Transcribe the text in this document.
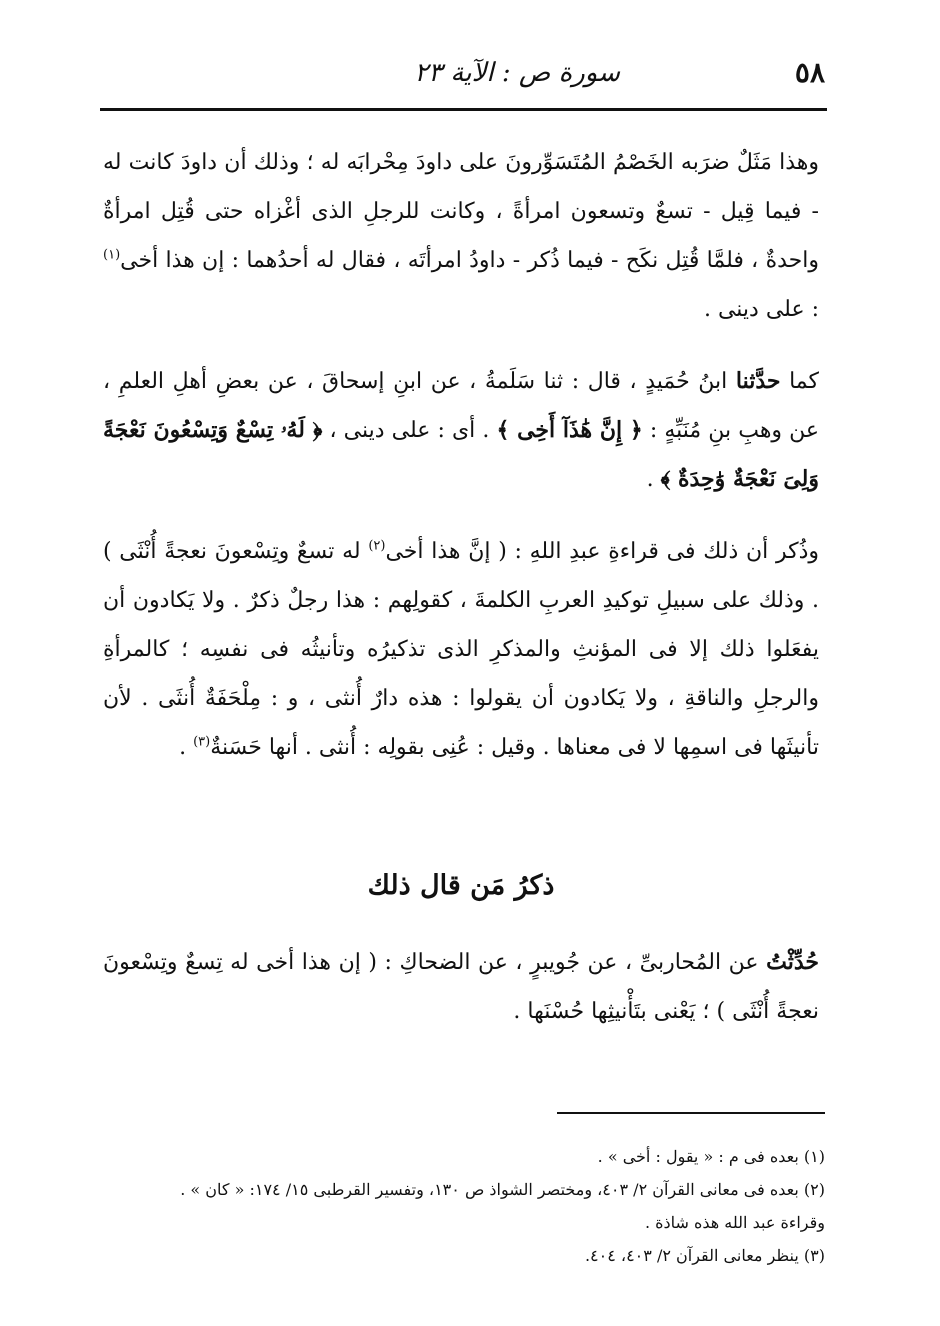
٥٨
سورة ص : الآية ٢٣

وهذا مَثَلٌ ضرَبه الخَصْمُ المُتَسَوِّرونَ على داودَ مِحْرابَه له ؛ وذلك أن داودَ كانت له - فيما قِيل - تسعٌ وتسعون امرأةً ، وكانت للرجلِ الذى أغْزاه حتى قُتِل امرأةٌ واحدةٌ ، فلمَّا قُتِل نكَح - فيما ذُكر - داودُ امرأتَه ، فقال له أحدُهما : إن هذا أخى$^{(١)}$ : على دينى .

كما حدَّثنا ابنُ حُمَيدٍ ، قال : ثنا سَلَمةُ ، عن ابنِ إسحاقَ ، عن بعضِ أهلِ العلمِ ، عن وهبِ بنِ مُنَبِّهٍ : ﴿ إِنَّ هَٰذَآ أَخِى ﴾ . أى : على دينى ، ﴿ لَهُۥ تِسْعٌ وَتِسْعُونَ نَعْجَةً وَلِىَ نَعْجَةٌ وَٰحِدَةٌ ﴾ .

وذُكر أن ذلك فى قراءةِ عبدِ اللهِ : ( إنَّ هذا أخى$^{(٢)}$ له تسعٌ وتِسْعونَ نعجةً أُنْثَى ) . وذلك على سبيلِ توكيدِ العربِ الكلمةَ ، كقولِهم : هذا رجلٌ ذكرٌ . ولا يَكادون أن يفعَلوا ذلك إلا فى المؤنثِ والمذكرِ الذى تذكيرُه وتأنيثُه فى نفسِه ؛ كالمرأةِ والرجلِ والناقةِ ، ولا يَكادون أن يقولوا : هذه دارٌ أُنثى ، و : مِلْحَفَةٌ أُنثَى . لأن تأنيثَها فى اسمِها لا فى معناها . وقيل : عُنِى بقولِه : أُنثى . أنها حَسَنةٌ$^{(٣)}$ .

ذكرُ مَن قال ذلك

حُدِّثْتُ عن المُحاربىِّ ، عن جُويبرٍ ، عن الضحاكِ : ( إن هذا أخى له تِسعٌ وتِسْعونَ نعجةً أُنْثَى ) ؛ يَعْنى بتَأْنيثِها حُسْنَها .

(١) بعده فى م : « يقول : أخى » .

(٢) بعده فى معانى القرآن ٢/ ٤٠٣، ومختصر الشواذ ص ١٣٠، وتفسير القرطبى ١٥/ ١٧٤: « كان » .

وقراءة عبد الله هذه شاذة .

(٣) ينظر معانى القرآن ٢/ ٤٠٣، ٤٠٤.
